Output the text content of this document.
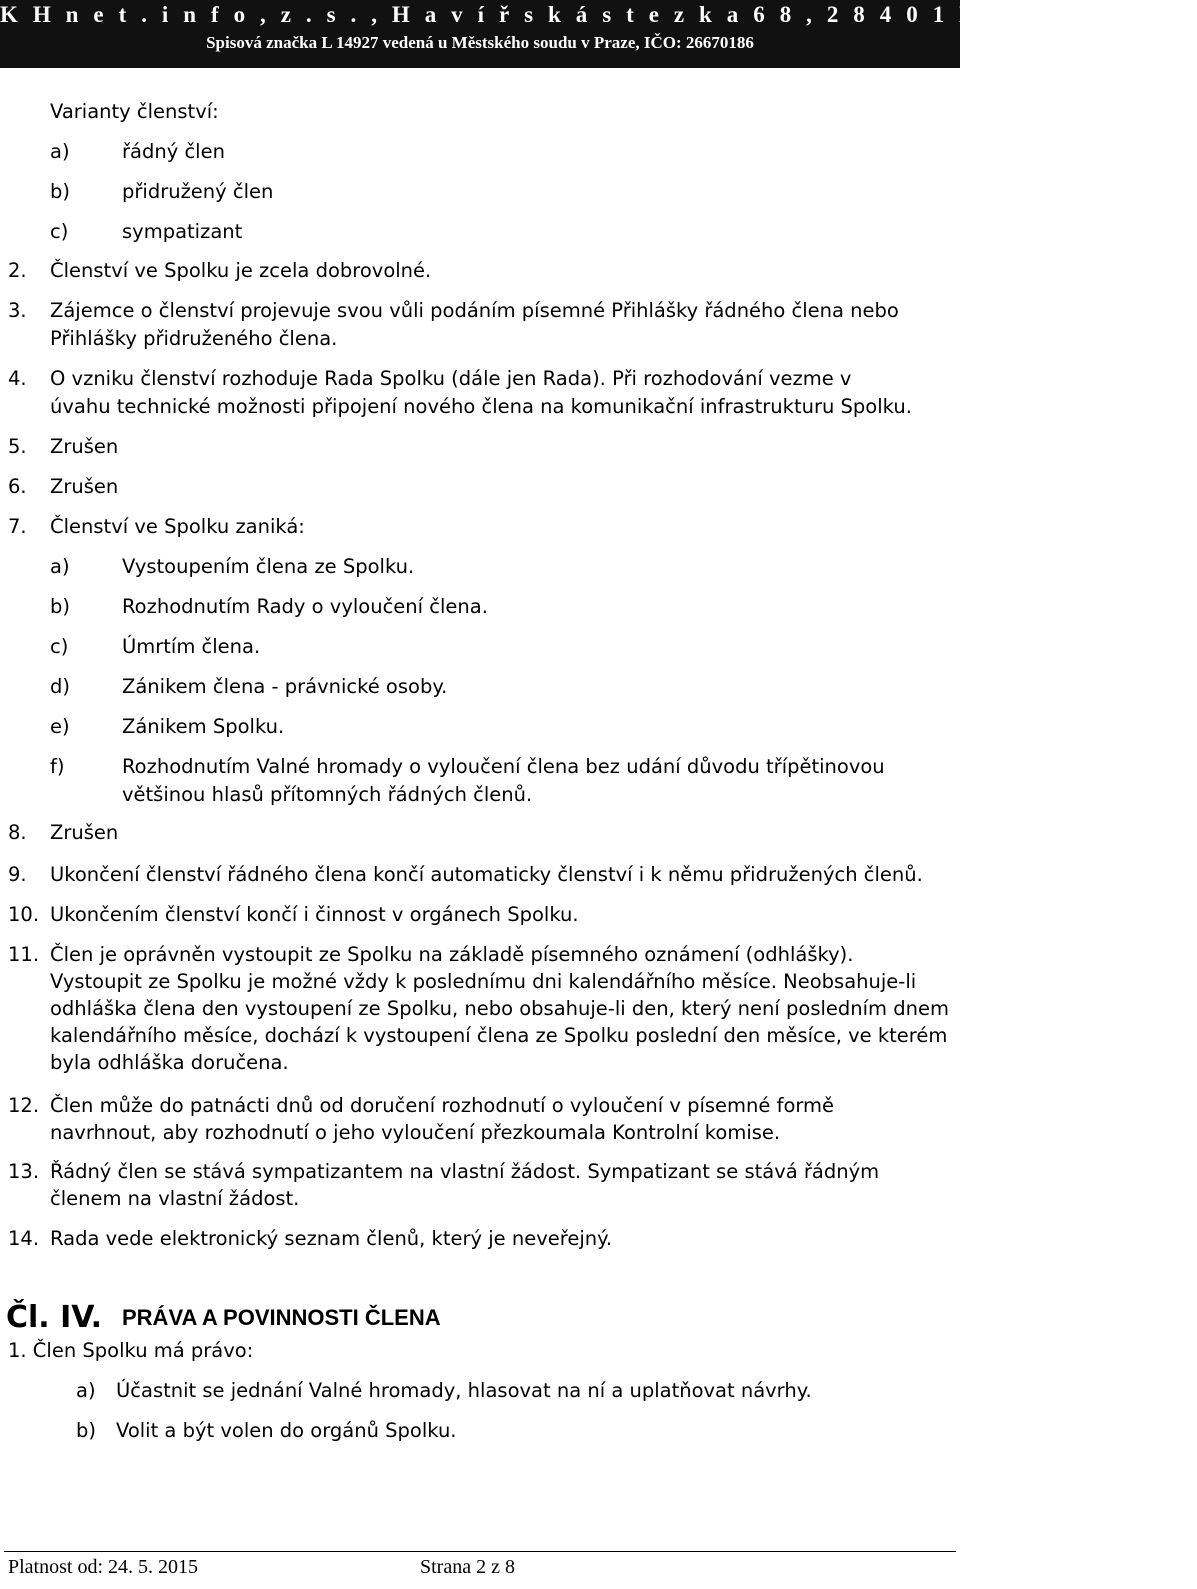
K H n e t . i n f o , z . s . , H a v í ř s k á s t e z k a 6 8 , 2 8 4 0 1 K u t n á H o r a
Spisová značka L 14927 vedená u Městského soudu v Praze, IČO: 26670186
Varianty členství:
a)	řádný člen
b)	přidružený člen
c)	sympatizant
2. Členství ve Spolku je zcela dobrovolné.
3. Zájemce o členství projevuje svou vůli podáním písemné Přihlášky řádného člena nebo
Přihlášky přidruženého člena.
4. O vzniku členství rozhoduje Rada Spolku (dále jen Rada). Při rozhodování vezme v
úvahu technické možnosti připojení nového člena na komunikační infrastrukturu Spolku.
5. Zrušen
6. Zrušen
7. Členství ve Spolku zaniká:
a)	Vystoupením člena ze Spolku.
b)	Rozhodnutím Rady o vyloučení člena.
c)	Úmrtím člena.
d)	Zánikem člena - právnické osoby.
e)	Zánikem Spolku.
f)	Rozhodnutím Valné hromady o vyloučení člena bez udání důvodu třípětinovou
většinou hlasů přítomných řádných členů.
8. Zrušen
9. Ukončení členství řádného člena končí automaticky členství i k němu přidružených členů.
10. Ukončením členství končí i činnost v orgánech Spolku.
11. Člen je oprávněn vystoupit ze Spolku na základě písemného oznámení (odhlášky). Vystoupit ze Spolku je možné vždy k poslednímu dni kalendářního měsíce. Neobsahuje-li odhláška člena den vystoupení ze Spolku, nebo obsahuje-li den, který není posledním dnem kalendářního měsíce, dochází k vystoupení člena ze Spolku poslední den měsíce, ve kterém byla odhláška doručena.
12. Člen může do patnácti dnů od doručení rozhodnutí o vyloučení v písemné formě navrhnout, aby rozhodnutí o jeho vyloučení přezkoumala Kontrolní komise.
13. Řádný člen se stává sympatizantem na vlastní žádost. Sympatizant se stává řádným členem na vlastní žádost.
14. Rada vede elektronický seznam členů, který je neveřejný.
Čl. IV. PRÁVA A POVINNOSTI ČLENA
1. Člen Spolku má právo:
a) Účastnit se jednání Valné hromady, hlasovat na ní a uplatňovat návrhy.
b) Volit a být volen do orgánů Spolku.
Platnost od: 24. 5. 2015	Strana 2 z 8
